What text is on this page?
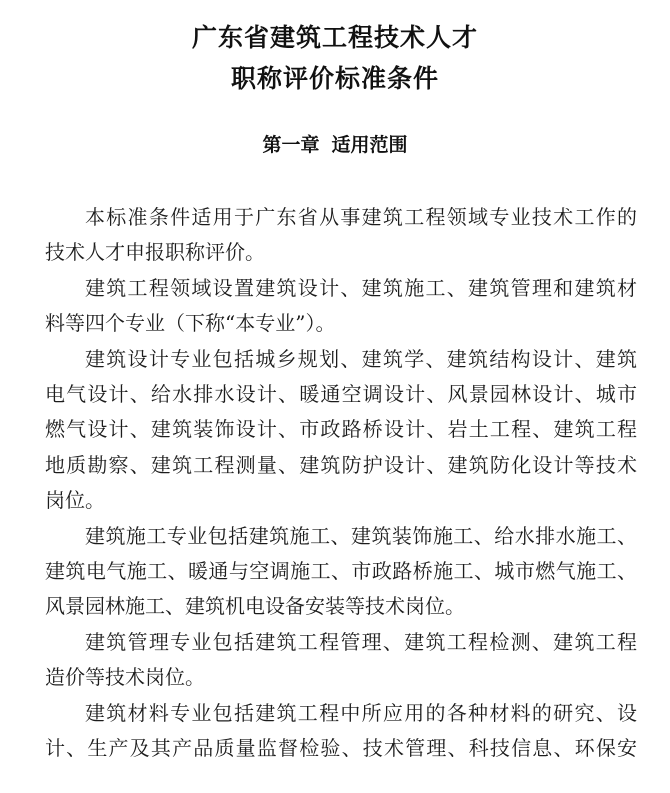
广东省建筑工程技术人才
职称评价标准条件
第一章 适用范围
本标准条件适用于广东省从事建筑工程领域专业技术工作的
技术人才申报职称评价。
建筑工程领域设置建筑设计、建筑施工、建筑管理和建筑材
料等四个专业（下称“本专业”）。
建筑设计专业包括城乡规划、建筑学、建筑结构设计、建筑
电气设计、给水排水设计、暖通空调设计、风景园林设计、城市
燃气设计、建筑装饰设计、市政路桥设计、岩土工程、建筑工程
地质勘察、建筑工程测量、建筑防护设计、建筑防化设计等技术
岗位。
建筑施工专业包括建筑施工、建筑装饰施工、给水排水施工、
建筑电气施工、暖通与空调施工、市政路桥施工、城市燃气施工、
风景园林施工、建筑机电设备安装等技术岗位。
建筑管理专业包括建筑工程管理、建筑工程检测、建筑工程
造价等技术岗位。
建筑材料专业包括建筑工程中所应用的各种材料的研究、设
计、生产及其产品质量监督检验、技术管理、科技信息、环保安
